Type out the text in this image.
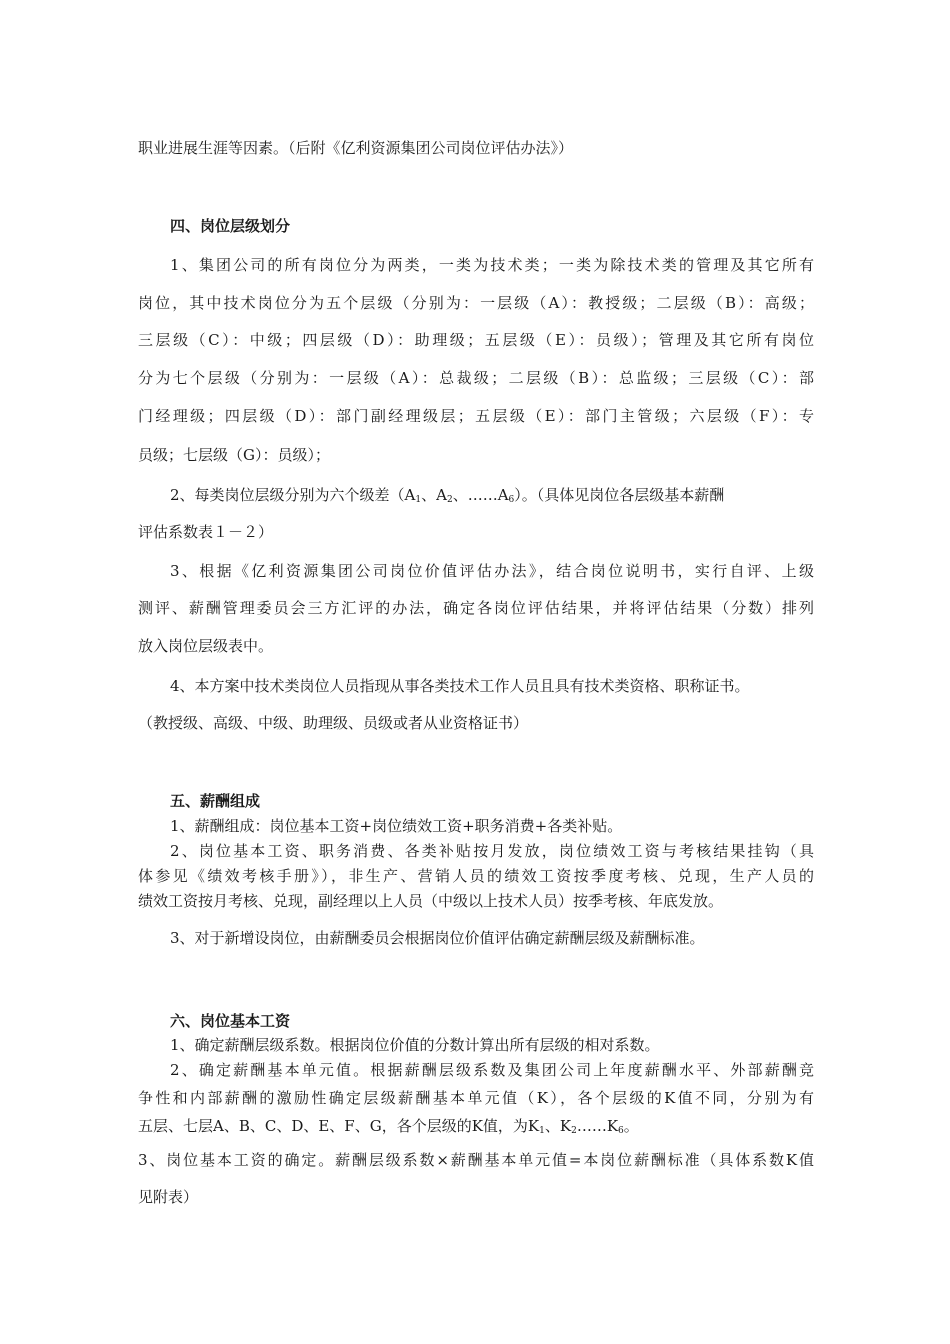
职业进展生涯等因素。（后附《亿利资源集团公司岗位评估办法》）
四、岗位层级划分
1、集团公司的所有岗位分为两类，一类为技术类；一类为除技术类的管理及其它所有
岗位，其中技术岗位分为五个层级（分别为：一层级（A）：教授级；二层级（B）：高级；
三层级（C）：中级；四层级（D）：助理级；五层级（E）：员级）；管理及其它所有岗位
分为七个层级（分别为：一层级（A）：总裁级；二层级（B）：总监级；三层级（C）：部
门经理级；四层级（D）：部门副经理级层；五层级（E）：部门主管级；六层级（F）：专
员级；七层级（G）：员级）；
2、每类岗位层级分别为六个级差（$A_1$、$A_2$、$\dots\dots A_6$）。（具体见岗位各层级基本薪酬
评估系数表１－２）
3、根据《亿利资源集团公司岗位价值评估办法》，结合岗位说明书，实行自评、上级
测评、薪酬管理委员会三方汇评的办法，确定各岗位评估结果，并将评估结果（分数）排列
放入岗位层级表中。
4、本方案中技术类岗位人员指现从事各类技术工作人员且具有技术类资格、职称证书。
（教授级、高级、中级、助理级、员级或者从业资格证书）
五、薪酬组成
1、薪酬组成：岗位基本工资+岗位绩效工资+职务消费+各类补贴。
2、岗位基本工资、职务消费、各类补贴按月发放，岗位绩效工资与考核结果挂钩（具
体参见《绩效考核手册》），非生产、营销人员的绩效工资按季度考核、兑现，生产人员的
绩效工资按月考核、兑现，副经理以上人员（中级以上技术人员）按季考核、年底发放。
3、对于新增设岗位，由薪酬委员会根据岗位价值评估确定薪酬层级及薪酬标准。
六、岗位基本工资
1、确定薪酬层级系数。根据岗位价值的分数计算出所有层级的相对系数。
2、确定薪酬基本单元值。根据薪酬层级系数及集团公司上年度薪酬水平、外部薪酬竞
争性和内部薪酬的激励性确定层级薪酬基本单元值（K），各个层级的K值不同，分别为有
五层、七层A、B、C、D、E、F、G，各个层级的K值，为$K_1$、$K_2\dots\dots K_6$。
3、岗位基本工资的确定。薪酬层级系数×薪酬基本单元值=本岗位薪酬标准（具体系数K值
见附表）
